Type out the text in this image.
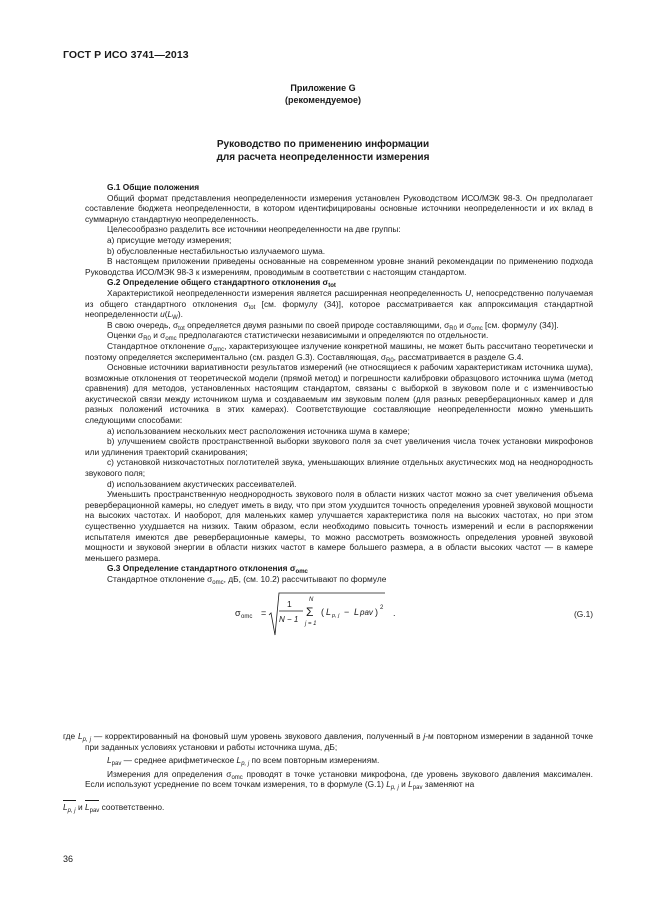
ГОСТ Р ИСО 3741—2013
Приложение G
(рекомендуемое)
Руководство по применению информации
для расчета неопределенности измерения

G.1 Общие положения

Общий формат представления неопределенности измерения установлен Руководством ИСО/МЭК 98-3. Он предполагает составление бюджета неопределенности, в котором идентифицированы основные источники неопределенности и их вклад в суммарную стандартную неопределенность.

Целесообразно разделить все источники неопределенности на две группы:

а) присущие методу измерения;

b) обусловленные нестабильностью излучаемого шума.

В настоящем приложении приведены основанные на современном уровне знаний рекомендации по применению подхода Руководства ИСО/МЭК 98-3 к измерениям, проводимым в соответствии с настоящим стандартом.

G.2 Определение общего стандартного отклонения $\sigma_{tot}$

Характеристикой неопределенности измерения является расширенная неопределенность U, непосредственно получаемая из общего стандартного отклонения $\sigma_{tot}$ [см. формулу (34)], которое рассматривается как аппроксимация стандартной неопределенности $u(L_W)$.

В свою очередь, $\sigma_{tot}$ определяется двумя разными по своей природе составляющими, $\sigma_{R0}$ и $\sigma_{omc}$ [см. формулу (34)].

Оценки $\sigma_{R0}$ и $\sigma_{omc}$ предполагаются статистически независимыми и определяются по отдельности.

Стандартное отклонение $\sigma_{omc}$, характеризующее излучение конкретной машины, не может быть рассчитано теоретически и поэтому определяется экспериментально (см. раздел G.3). Составляющая, $\sigma_{R0}$, рассматривается в разделе G.4.

Основные источники вариативности результатов измерений (не относящиеся к рабочим характеристикам источника шума), возможные отклонения от теоретической модели (прямой метод) и погрешности калибровки образцового источника шума (метод сравнения) для методов, установленных настоящим стандартом, связаны с выборкой в звуковом поле и с изменчивостью акустической связи между источником шума и создаваемым им звуковым полем (для разных реверберационных камер и для разных положений источника в этих камерах). Соответствующие составляющие неопределенности можно уменьшить следующими способами:

а) использованием нескольких мест расположения источника шума в камере;

b) улучшением свойств пространственной выборки звукового поля за счет увеличения числа точек установки микрофонов или удлинения траекторий сканирования;

с) установкой низкочастотных поглотителей звука, уменьшающих влияние отдельных акустических мод на неоднородность звукового поля;

d) использованием акустических рассеивателей.

Уменьшить пространственную неоднородность звукового поля в области низких частот можно за счет увеличения объема реверберационной камеры, но следует иметь в виду, что при этом ухудшится точность определения уровней звуковой мощности на высоких частотах. И наоборот, для маленьких камер улучшается характеристика поля на высоких частотах, но при этом существенно ухудшается на низких. Таким образом, если необходимо повысить точность измерений и если в распоряжении испытателя имеются две реверберационные камеры, то можно рассмотреть возможность определения уровней звуковой мощности и звуковой энергии в области низких частот в камере большего размера, а в области высоких частот — в камере меньшего размера.

G.3 Определение стандартного отклонения $\sigma_{omc}$

Стандартное отклонение $\sigma_{omc}$, дБ, (см. 10.2) рассчитывают по формуле

σ omc =
1
N − 1
N
Σ
j = 1
( L p, j − L pav ) 2 .	(G.1)

где $L_{p, j}$ — корректированный на фоновый шум уровень звукового давления, полученный в j-м повторном измерении в заданной точке при заданных условиях установки и работы источника шума, дБ;

$L_{pav}$ — среднее арифметическое $L_{p, j}$ по всем повторным измерениям.

Измерения для определения $\sigma_{omc}$ проводят в точке установки микрофона, где уровень звукового давления максимален. Если используют усреднение по всем точкам измерения, то в формуле (G.1) $L_{p, j}$ и $L_{pav}$ заменяют на

$L_{p, j}$ и $L_{pav}$ соответственно.

36
